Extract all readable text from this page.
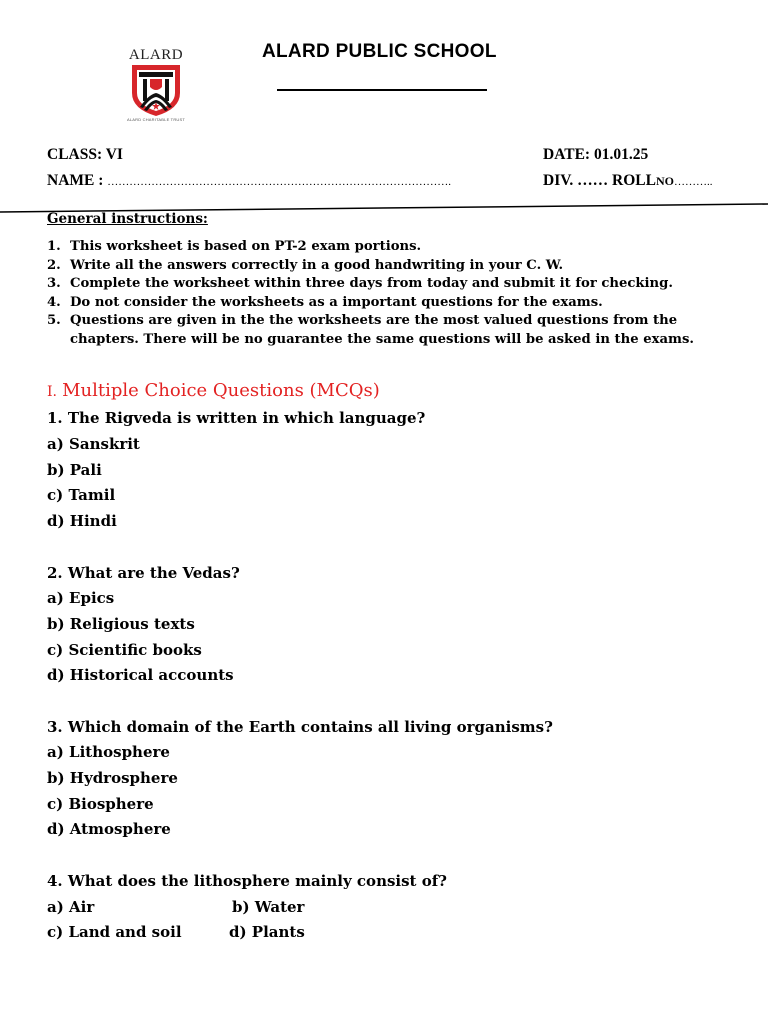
ALARD
ALARD CHARITABLE TRUST
ALARD PUBLIC SCHOOL
CLASS: VI	DATE: 01.01.25
NAME : ………………………………………………………………………………….	DIV. …… ROLLNO………..
General instructions:
1. This worksheet is based on PT-2 exam portions.
2. Write all the answers correctly in a good handwriting in your C. W.
3. Complete the worksheet within three days from today and submit it for checking.
4. Do not consider the worksheets as a important questions for the exams.
5. Questions are given in the the worksheets are the most valued questions from the chapters. There will be no guarantee the same questions will be asked in the exams.
I. Multiple Choice Questions (MCQs)
1. The Rigveda is written in which language?
a) Sanskrit
b) Pali
c) Tamil
d) Hindi
2. What are the Vedas?
a) Epics
b) Religious texts
c) Scientific books
d) Historical accounts
3. Which domain of the Earth contains all living organisms?
a) Lithosphere
b) Hydrosphere
c) Biosphere
d) Atmosphere
4. What does the lithosphere mainly consist of?
a) Air	b) Water
c) Land and soil	d) Plants
